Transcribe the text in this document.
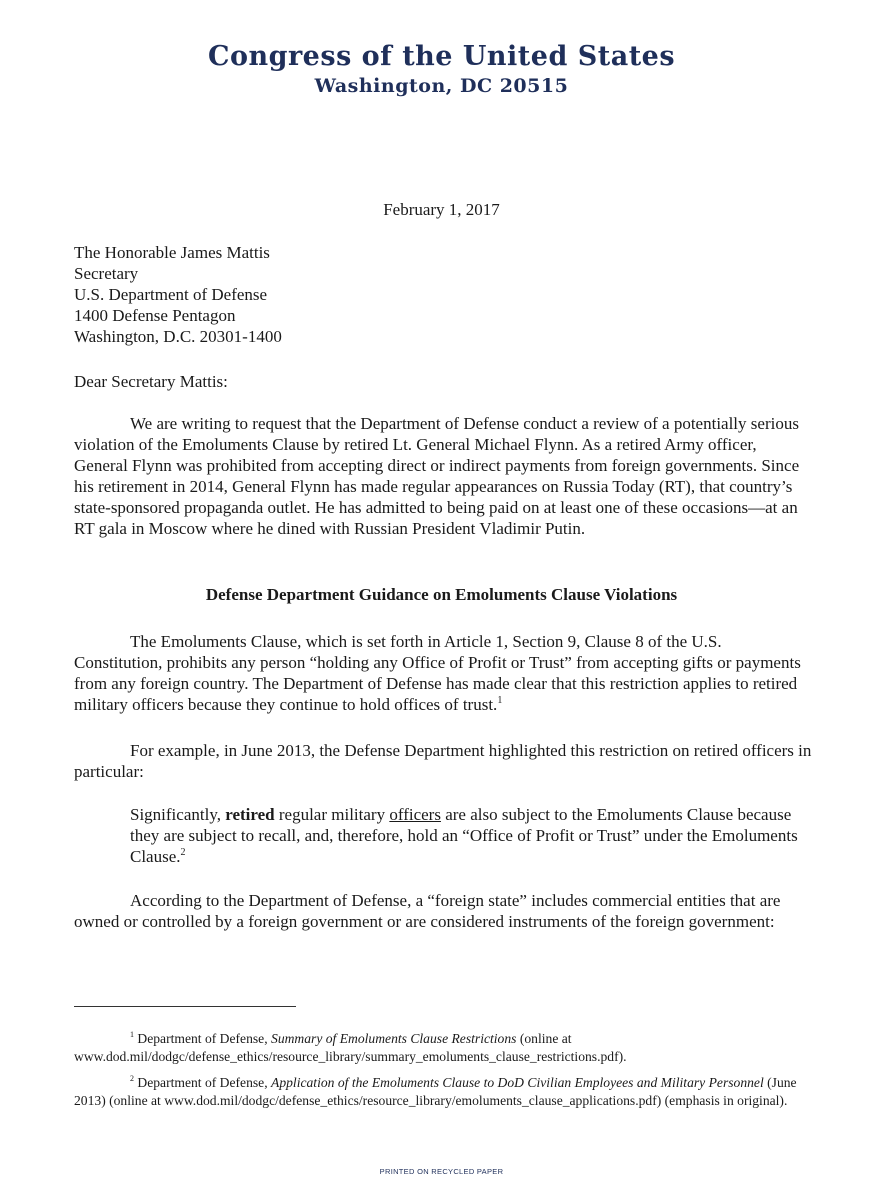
Congress of the United States
Washington, DC 20515
February 1, 2017
The Honorable James Mattis
Secretary
U.S. Department of Defense
1400 Defense Pentagon
Washington, D.C. 20301-1400
Dear Secretary Mattis:
We are writing to request that the Department of Defense conduct a review of a potentially serious violation of the Emoluments Clause by retired Lt. General Michael Flynn. As a retired Army officer, General Flynn was prohibited from accepting direct or indirect payments from foreign governments. Since his retirement in 2014, General Flynn has made regular appearances on Russia Today (RT), that country’s state-sponsored propaganda outlet. He has admitted to being paid on at least one of these occasions—at an RT gala in Moscow where he dined with Russian President Vladimir Putin.
Defense Department Guidance on Emoluments Clause Violations
The Emoluments Clause, which is set forth in Article 1, Section 9, Clause 8 of the U.S. Constitution, prohibits any person “holding any Office of Profit or Trust” from accepting gifts or payments from any foreign country. The Department of Defense has made clear that this restriction applies to retired military officers because they continue to hold offices of trust.$^1$
For example, in June 2013, the Defense Department highlighted this restriction on retired officers in particular:
Significantly, retired regular military officers are also subject to the Emoluments Clause because they are subject to recall, and, therefore, hold an “Office of Profit or Trust” under the Emoluments Clause.$^2$
According to the Department of Defense, a “foreign state” includes commercial entities that are owned or controlled by a foreign government or are considered instruments of the foreign government:
$^1$ Department of Defense, Summary of Emoluments Clause Restrictions (online at www.dod.mil/dodgc/defense_ethics/resource_library/summary_emoluments_clause_restrictions.pdf).
$^2$ Department of Defense, Application of the Emoluments Clause to DoD Civilian Employees and Military Personnel (June 2013) (online at www.dod.mil/dodgc/defense_ethics/resource_library/emoluments_clause_applications.pdf) (emphasis in original).
PRINTED ON RECYCLED PAPER
